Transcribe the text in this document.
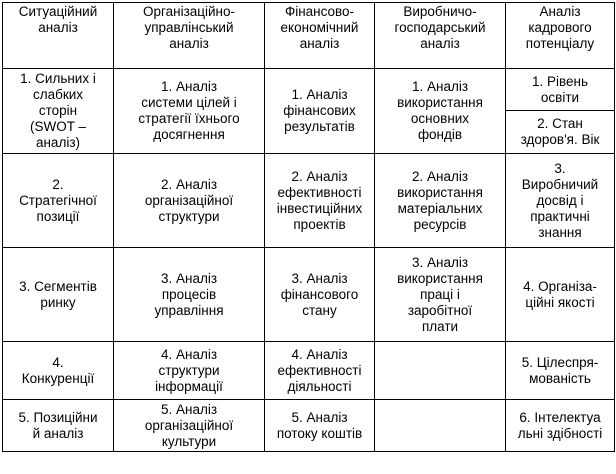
Ситуаційний
аналіз	Організаційно-
управлінський
аналіз	Фінансово-
економічний
аналіз	Виробничо-
господарський аналіз	Аналіз
кадрового
потенціалу

1. Сильних і
слабких
сторін
(SWOT –
аналіз)	1. Аналіз
системи цілей і
стратегії їхнього
досягнення	1. Аналіз
фінансових
результатів	1. Аналіз
використання
основних
фондів	1. Рівень
освіти

				2. Стан
здоров'я. Вік

2.
Стратегічної
позиції	2. Аналіз
організаційної
структури	2. Аналіз
ефективності
інвестиційних
проектів	2. Аналіз
використання
матеріальних
ресурсів	3.
Виробничий
досвід і
практичні
знання

3. Сегментів
ринку	3. Аналіз
процесів
управління	3. Аналіз
фінансового
стану	3. Аналіз
використання
праці і
заробітної
плати	4. Організа-
ційні якості

4.
Конкуренції	4. Аналіз
структури
інформації	4. Аналіз
ефективності
діяльності		5. Цілеспря-
мованість

5. Позиційни
й аналіз	5. Аналіз
організаційної
культури	5. Аналіз
потоку коштів		6. Інтелектуа
льні здібності
